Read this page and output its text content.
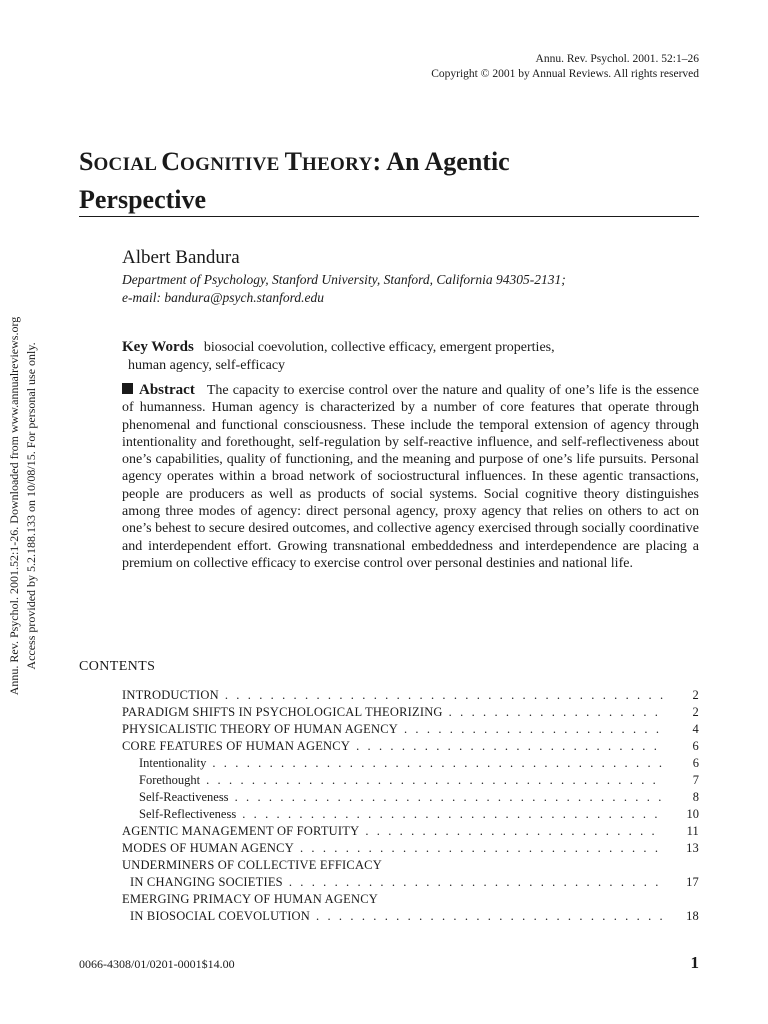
Annu. Rev. Psychol. 2001. 52:1–26
Copyright © 2001 by Annual Reviews. All rights reserved
Annu. Rev. Psychol. 2001.52:1-26. Downloaded from www.annualreviews.org Access provided by 5.2.188.133 on 10/08/15. For personal use only.
SOCIAL COGNITIVE THEORY: An Agentic
Perspective
Albert Bandura
Department of Psychology, Stanford University, Stanford, California 94305-2131;
e-mail: bandura@psych.stanford.edu
Key Words biosocial coevolution, collective efficacy, emergent properties,
human agency, self-efficacy
Abstract The capacity to exercise control over the nature and quality of one’s life is the essence of humanness. Human agency is characterized by a number of core features that operate through phenomenal and functional consciousness. These include the temporal extension of agency through intentionality and forethought, self-regulation by self-reactive influence, and self-reflectiveness about one’s capabilities, quality of functioning, and the meaning and purpose of one’s life pursuits. Personal agency operates within a broad network of sociostructural influences. In these agentic transactions, people are producers as well as products of social systems. Social cognitive theory distinguishes among three modes of agency: direct personal agency, proxy agency that relies on others to act on one’s behest to secure desired outcomes, and collective agency exercised through socially coordinative and interdependent effort. Growing transnational embeddedness and interdependence are placing a premium on collective efficacy to exercise control over personal destinies and national life.
CONTENTS
INTRODUCTION . . .	2
PARADIGM SHIFTS IN PSYCHOLOGICAL THEORIZING . . .	2
PHYSICALISTIC THEORY OF HUMAN AGENCY . . .	4
CORE FEATURES OF HUMAN AGENCY . . .	6
Intentionality . . .	6
Forethought . . .	7
Self-Reactiveness . . .	8
Self-Reflectiveness . . .	10
AGENTIC MANAGEMENT OF FORTUITY . . .	11
MODES OF HUMAN AGENCY . . .	13
UNDERMINERS OF COLLECTIVE EFFICACY
IN CHANGING SOCIETIES . . .	17
EMERGING PRIMACY OF HUMAN AGENCY
IN BIOSOCIAL COEVOLUTION . . .	18
0066-4308/01/0201-0001$14.00	1
